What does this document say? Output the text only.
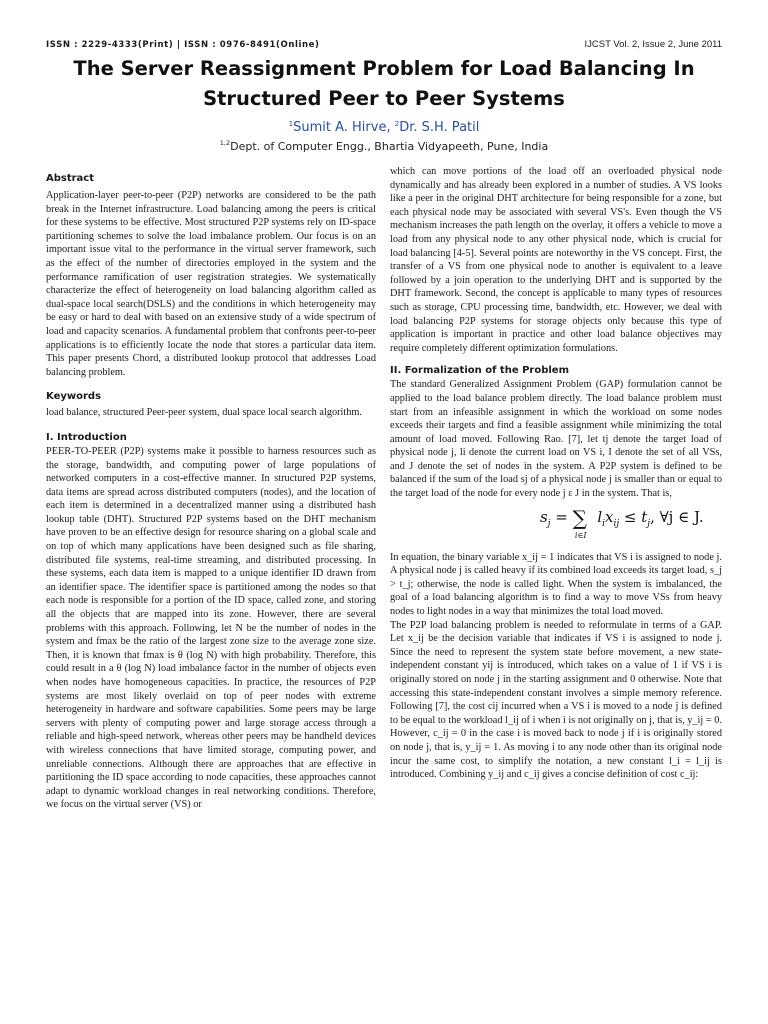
ISSN : 2229-4333(Print) | ISSN : 0976-8491(Online)	IJCST Vol. 2, Issue 2, June 2011
The Server Reassignment Problem for Load Balancing In
Structured Peer to Peer Systems
$^1$Sumit A. Hirve, $^2$Dr. S.H. Patil
$^{1,2}$Dept. of Computer Engg., Bhartia Vidyapeeth, Pune, India

Abstract

Application-layer peer-to-peer (P2P) networks are considered to be the path break in the Internet infrastructure. Load balancing among the peers is critical for these systems to be effective. Most structured P2P systems rely on ID-space partitioning schemes to solve the load imbalance problem. Our focus is on an important issue vital to the performance in the virtual server framework, such as the effect of the number of directories employed in the system and the performance ramification of user registration strategies. We systematically characterize the effect of heterogeneity on load balancing algorithm called as dual-space local search(DSLS) and the conditions in which heterogeneity may be easy or hard to deal with based on an extensive study of a wide spectrum of load and capacity scenarios. A fundamental problem that confronts peer-to-peer applications is to efficiently locate the node that stores a particular data item. This paper presents Chord, a distributed lookup protocol that addresses Load balancing problem.

Keywords

load balance, structured Peer-peer system, dual space local search algorithm.

I. Introduction

PEER-TO-PEER (P2P) systems make it possible to harness resources such as the storage, bandwidth, and computing power of large populations of networked computers in a cost-effective manner. In structured P2P systems, data items are spread across distributed computers (nodes), and the location of each item is determined in a decentralized manner using a distributed hash lookup table (DHT). Structured P2P systems based on the DHT mechanism have proven to be an effective design for resource sharing on a global scale and on top of which many applications have been designed such as file sharing, distributed file systems, real-time streaming, and distributed processing. In these systems, each data item is mapped to a unique identifier ID drawn from an identifier space. The identifier space is partitioned among the nodes so that each node is responsible for a portion of the ID space, called zone, and storing all the objects that are mapped into its zone. However, there are several problems with this approach. Following, let N be the number of nodes in the system and fmax be the ratio of the largest zone size to the average zone size. Then, it is known that fmax is θ (log N) with high probability. Therefore, this could result in a θ (log N) load imbalance factor in the number of objects even when nodes have homogeneous capacities. In practice, the resources of P2P systems are most likely overlaid on top of peer nodes with extreme heterogeneity in hardware and software capabilities. Some peers may be large servers with plenty of computing power and large storage access through a reliable and high-speed network, whereas other peers may be handheld devices with wireless connections that have limited storage, computing power, and unreliable connections. Although there are approaches that are effective in partitioning the ID space according to node capacities, these approaches cannot adapt to dynamic workload changes in real networking conditions. Therefore, we focus on the virtual server (VS) or

which can move portions of the load off an overloaded physical node dynamically and has already been explored in a number of studies. A VS looks like a peer in the original DHT architecture for being responsible for a zone, but each physical node may be associated with several VS's. Even though the VS mechanism increases the path length on the overlay, it offers a vehicle to move a load from any physical node to any other physical node, which is crucial for load balancing [4-5]. Several points are noteworthy in the VS concept. First, the transfer of a VS from one physical node to another is equivalent to a leave followed by a join operation to the underlying DHT and is supported by the DHT framework. Second, the concept is applicable to many types of resources such as storage, CPU processing time, bandwidth, etc. However, we deal with load balancing P2P systems for storage objects only because this type of application is important in practice and other load balance objectives may require completely different optimization formulations.

II. Formalization of the Problem

The standard Generalized Assignment Problem (GAP) formulation cannot be applied to the load balance problem directly. The load balance problem must start from an infeasible assignment in which the workload on some nodes exceeds their targets and find a feasible assignment while minimizing the total amount of load moved. Following Rao. [7], let tj denote the target load of physical node j, li denote the current load on VS i, I denote the set of all VSs, and J denote the set of nodes in the system. A P2P system is defined to be balanced if the sum of the load sj of a physical node j is smaller than or equal to the target load of the node for every node j ε J in the system. That is,

$s_j = \sum_{i\in I}$ $l_ix_{ij} \le t_j$, ∀j ∈ J.

In equation, the binary variable x_ij = 1 indicates that VS i is assigned to node j. A physical node j is called heavy if its combined load exceeds its target load, s_j > t_j; otherwise, the node is called light. When the system is imbalanced, the goal of a load balancing algorithm is to find a way to move VSs from heavy nodes to light nodes in a way that minimizes the total load moved.

The P2P load balancing problem is needed to reformulate in terms of a GAP. Let x_ij be the decision variable that indicates if VS i is assigned to node j. Since the need to represent the system state before movement, a new state-independent constant yij is introduced, which takes on a value of 1 if VS i is originally stored on node j in the starting assignment and 0 otherwise. Note that accessing this state-independent constant involves a simple memory reference. Following [7], the cost cij incurred when a VS i is moved to a node j is defined to be equal to the workload l_ij of i when i is not originally on j, that is, y_ij = 0. However, c_ij = 0 in the case i is moved back to node j if i is originally stored on node j, that is, y_ij = 1. As moving i to any node other than its original node incur the same cost, to simplify the notation, a new constant l_i = l_ij is introduced. Combining y_ij and c_ij gives a concise definition of cost c_ij:
